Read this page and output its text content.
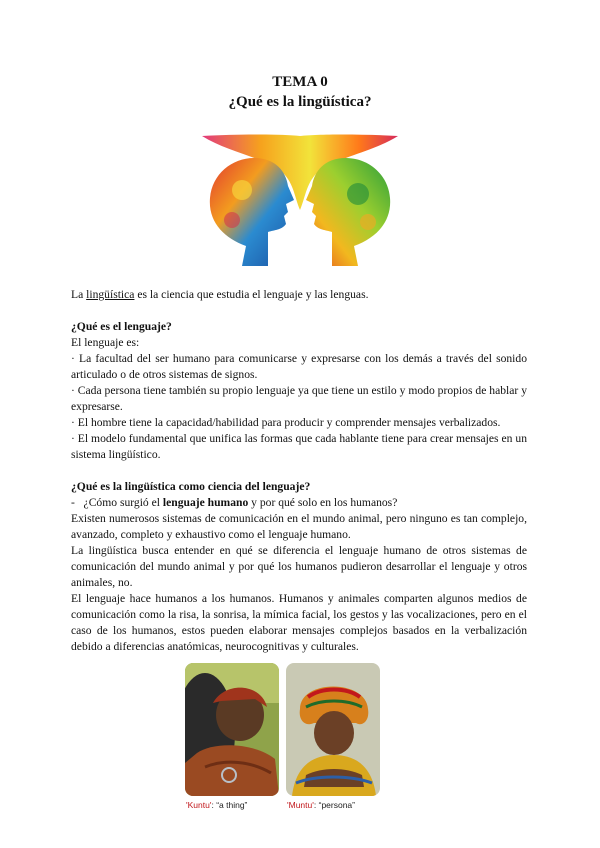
TEMA 0
¿Qué es la lingüística?
La lingüística es la ciencia que estudia el lenguaje y las lenguas.
¿Qué es el lenguaje?
El lenguaje es:
· La facultad del ser humano para comunicarse y expresarse con los demás a través del sonido articulado o de otros sistemas de signos.
· Cada persona tiene también su propio lenguaje ya que tiene un estilo y modo propios de hablar y expresarse.
· El hombre tiene la capacidad/habilidad para producir y comprender mensajes verbalizados.
· El modelo fundamental que unifica las formas que cada hablante tiene para crear mensajes en un sistema lingüístico.
¿Qué es la lingüística como ciencia del lenguaje?
-   ¿Cómo surgió el lenguaje humano y por qué solo en los humanos?
Existen numerosos sistemas de comunicación en el mundo animal, pero ninguno es tan complejo, avanzado, completo y exhaustivo como el lenguaje humano.
La lingüística busca entender en qué se diferencia el lenguaje humano de otros sistemas de comunicación del mundo animal y por qué los humanos pudieron desarrollar el lenguaje y otros animales, no.
El lenguaje hace humanos a los humanos. Humanos y animales comparten algunos medios de comunicación como la risa, la sonrisa, la mímica facial, los gestos y las vocalizaciones, pero en el caso de los humanos, estos pueden elaborar mensajes complejos basados en la verbalización debido a diferencias anatómicas, neurocognitivas y culturales.
'Kuntu': “a thing”	'Muntu': “persona”
